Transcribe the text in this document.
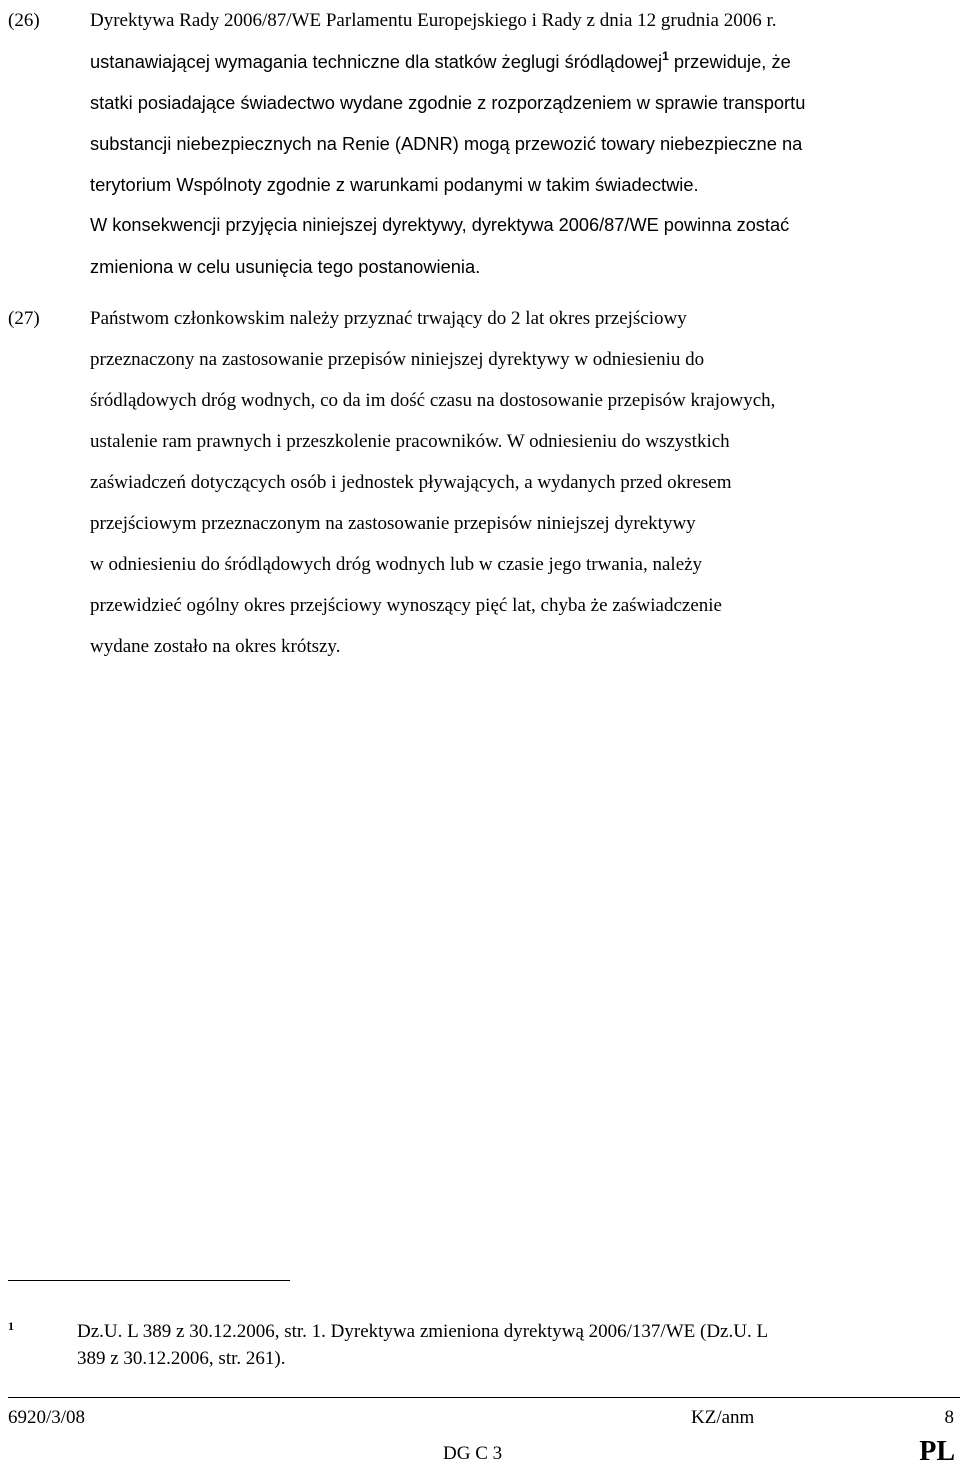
(26)	Dyrektywa Rady 2006/87/WE Parlamentu Europejskiego i Rady z dnia 12 grudnia 2006 r.
ustanawiającej wymagania techniczne dla statków żeglugi śródlądowej$^1$ przewiduje, że
statki posiadające świadectwo wydane zgodnie z rozporządzeniem w sprawie transportu
substancji niebezpiecznych na Renie (ADNR) mogą przewozić towary niebezpieczne na
terytorium Wspólnoty zgodnie z warunkami podanymi w takim świadectwie.
W konsekwencji przyjęcia niniejszej dyrektywy, dyrektywa 2006/87/WE powinna zostać
zmieniona w celu usunięcia tego postanowienia.
(27)	Państwom członkowskim należy przyznać trwający do 2 lat okres przejściowy
przeznaczony na zastosowanie przepisów niniejszej dyrektywy w odniesieniu do
śródlądowych dróg wodnych, co da im dość czasu na dostosowanie przepisów krajowych,
ustalenie ram prawnych i przeszkolenie pracowników. W odniesieniu do wszystkich
zaświadczeń dotyczących osób i jednostek pływających, a wydanych przed okresem
przejściowym przeznaczonym na zastosowanie przepisów niniejszej dyrektywy
w odniesieniu do śródlądowych dróg wodnych lub w czasie jego trwania, należy
przewidzieć ogólny okres przejściowy wynoszący pięć lat, chyba że zaświadczenie
wydane zostało na okres krótszy.
1	Dz.U. L 389 z 30.12.2006, str. 1. Dyrektywa zmieniona dyrektywą 2006/137/WE (Dz.U. L
389 z 30.12.2006, str. 261).
6920/3/08	KZ/anm	8
DG C 3	PL
